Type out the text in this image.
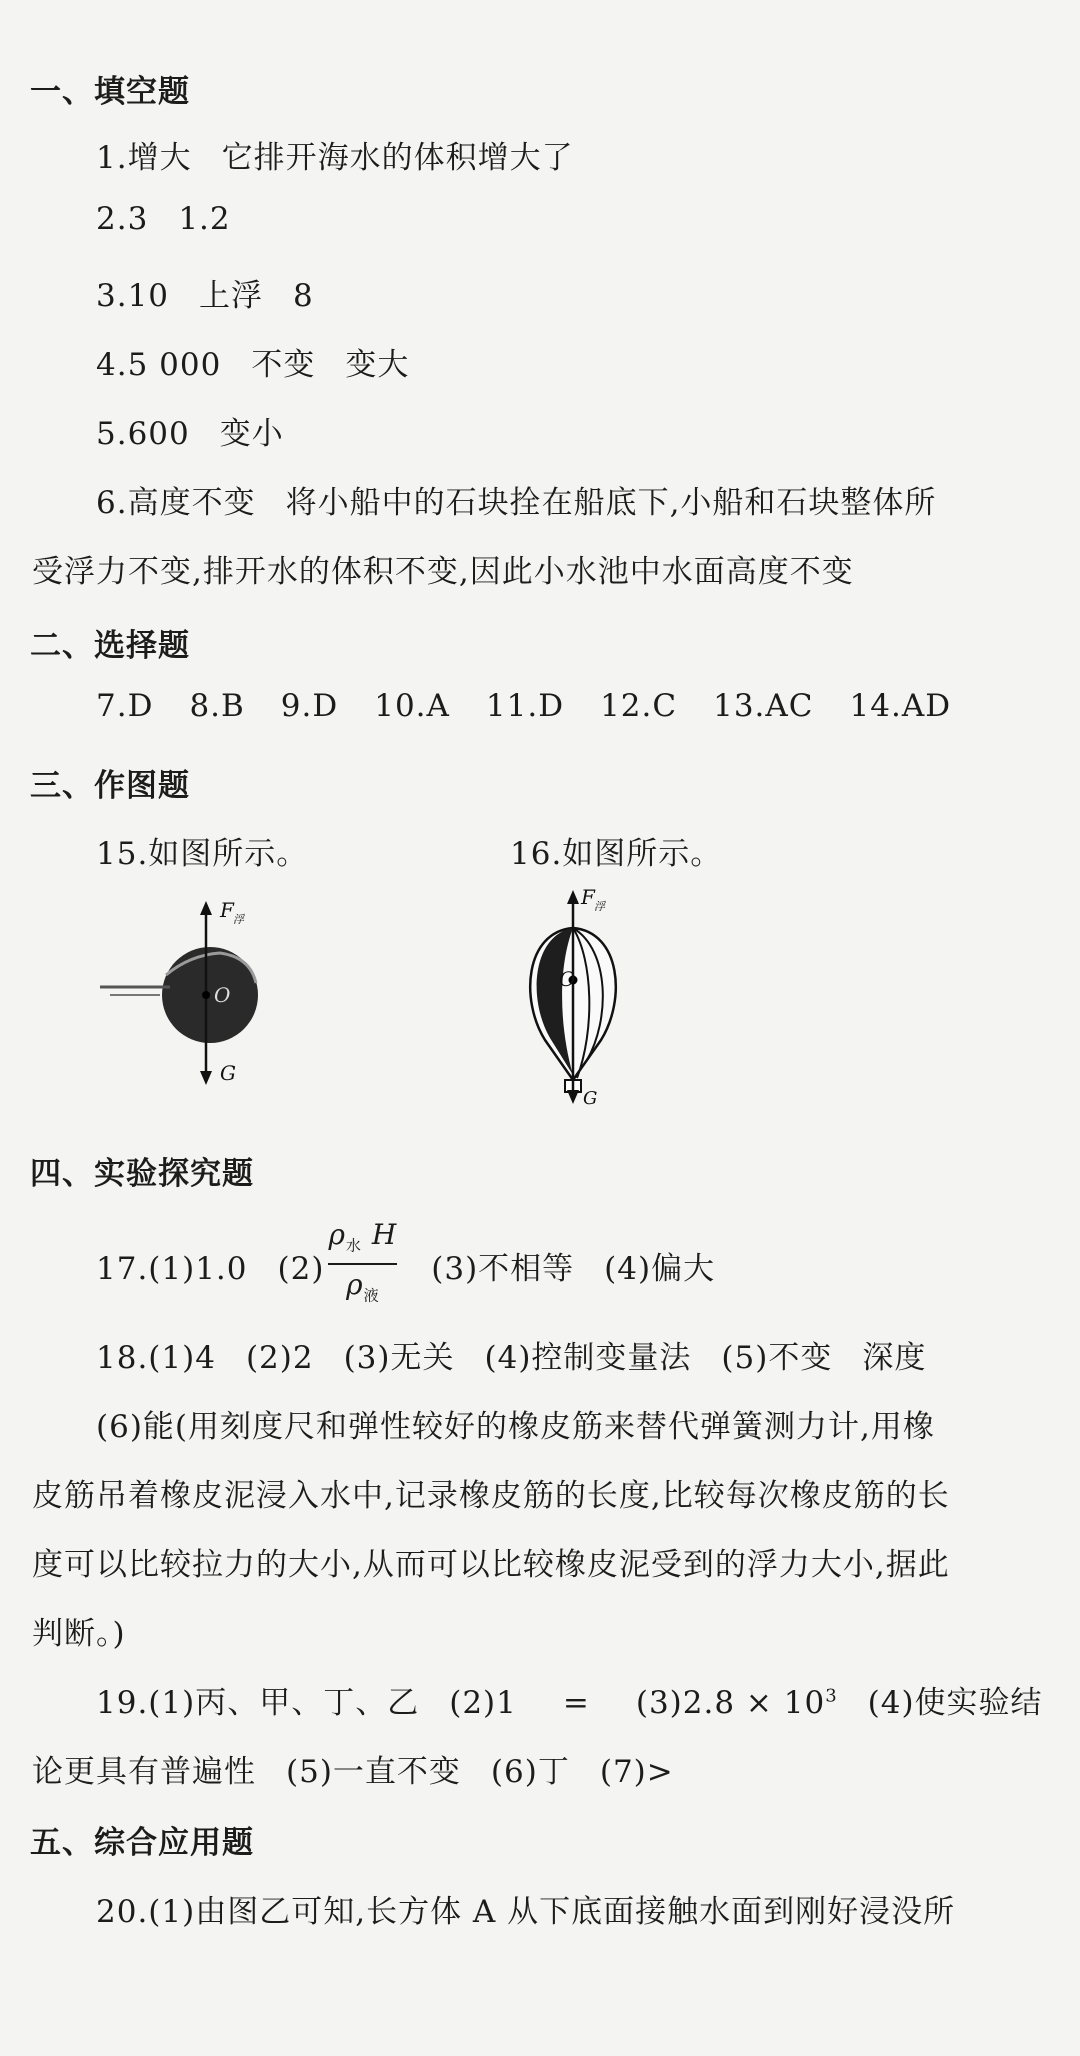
一、填空题
1.增大 它排开海水的体积增大了
2.3 1.2
3.10 上浮 8
4.5 000 不变 变大
5.600 变小
6.高度不变 将小船中的石块拴在船底下,小船和石块整体所
受浮力不变,排开水的体积不变,因此小水池中水面高度不变
二、选择题
7.D 8.B 9.D 10.A 11.D 12.C 13.AC 14.AD
三、作图题
15.如图所示。	16.如图所示。
F 浮
G
O
F 浮
O
G
四、实验探究题
17.(1)1.0 $(2) \frac{\rho_水 H}{\rho_液} (3)$不相等 (4)偏大
18.(1)4 (2)2 (3)无关 (4)控制变量法 (5)不变 深度
(6)能(用刻度尺和弹性较好的橡皮筋来替代弹簧测力计,用橡
皮筋吊着橡皮泥浸入水中,记录橡皮筋的长度,比较每次橡皮筋的长
度可以比较拉力的大小,从而可以比较橡皮泥受到的浮力大小,据此
判断。)
19.(1)丙、甲、丁、乙 $(2)1 = (3)2.8 \times 10^3$ (4)使实验结
论更具有普遍性 (5)一直不变 (6)丁 (7)>
五、综合应用题
20.(1)由图乙可知,长方体 A 从下底面接触水面到刚好浸没所
